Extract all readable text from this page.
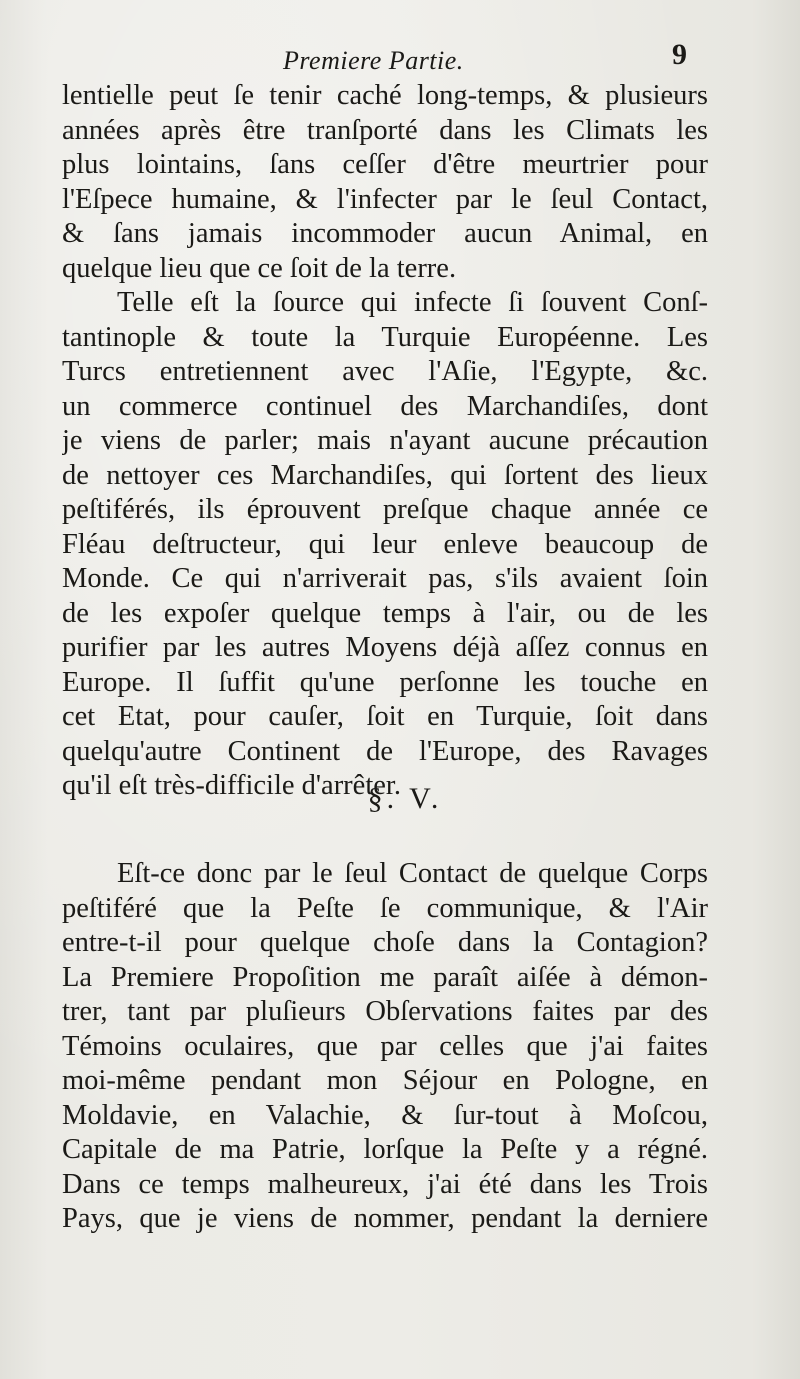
Premiere Partie.	9
lentielle peut ſe tenir caché long-temps, & plusieurs
années après être tranſporté dans les Climats les
plus lointains, ſans ceſſer d'être meurtrier pour
l'Eſpece humaine, & l'infecter par le ſeul Contact,
& ſans jamais incommoder aucun Animal, en
quelque lieu que ce ſoit de la terre.
Telle eſt la ſource qui infecte ſi ſouvent Conſ-
tantinople & toute la Turquie Européenne. Les
Turcs entretiennent avec l'Aſie, l'Egypte, &c.
un commerce continuel des Marchandiſes, dont
je viens de parler; mais n'ayant aucune précaution
de nettoyer ces Marchandiſes, qui ſortent des lieux
peſtiférés, ils éprouvent preſque chaque année ce
Fléau deſtructeur, qui leur enleve beaucoup de
Monde. Ce qui n'arriverait pas, s'ils avaient ſoin
de les expoſer quelque temps à l'air, ou de les
purifier par les autres Moyens déjà aſſez connus en
Europe. Il ſuffit qu'une perſonne les touche en
cet Etat, pour cauſer, ſoit en Turquie, ſoit dans
quelqu'autre Continent de l'Europe, des Ravages
qu'il eſt très-difficile d'arrêter.
§. V.
Eſt-ce donc par le ſeul Contact de quelque Corps
peſtiféré que la Peſte ſe communique, & l'Air
entre-t-il pour quelque choſe dans la Contagion?
La Premiere Propoſition me paraît aiſée à démon-
trer, tant par pluſieurs Obſervations faites par des
Témoins oculaires, que par celles que j'ai faites
moi-même pendant mon Séjour en Pologne, en
Moldavie, en Valachie, & ſur-tout à Moſcou,
Capitale de ma Patrie, lorſque la Peſte y a régné.
Dans ce temps malheureux, j'ai été dans les Trois
Pays, que je viens de nommer, pendant la derniere
